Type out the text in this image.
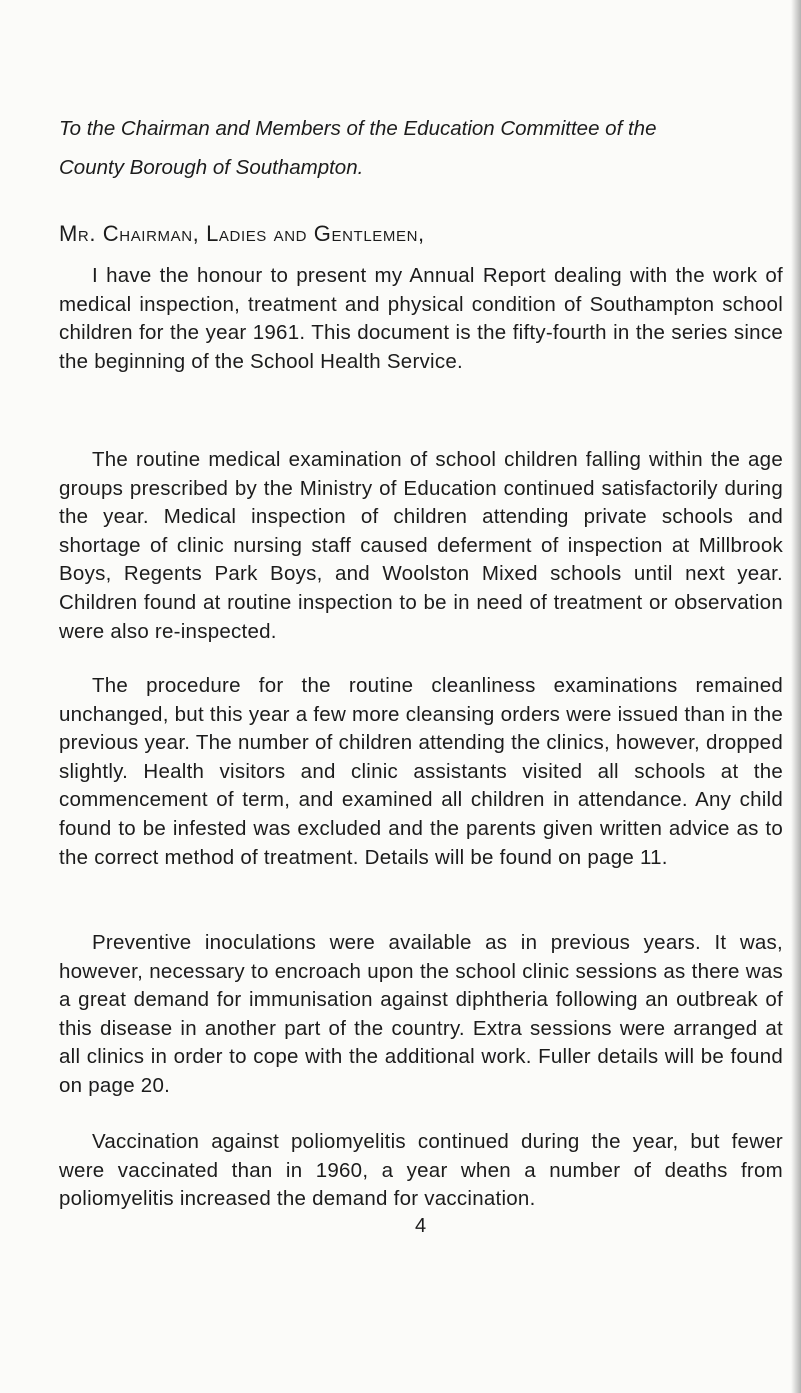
To the Chairman and Members of the Education Committee of the
County Borough of Southampton.
Mr. Chairman, Ladies and Gentlemen,

I have the honour to present my Annual Report dealing with the work of medical inspection, treatment and physical condition of Southampton school children for the year 1961. This document is the fifty-fourth in the series since the beginning of the School Health Service.

The routine medical examination of school children falling within the age groups prescribed by the Ministry of Education continued satisfactorily during the year. Medical inspection of children attending private schools and shortage of clinic nursing staff caused deferment of inspection at Millbrook Boys, Regents Park Boys, and Woolston Mixed schools until next year. Children found at routine inspection to be in need of treatment or observation were also re-inspected.

The procedure for the routine cleanliness examinations remained unchanged, but this year a few more cleansing orders were issued than in the previous year. The number of children attending the clinics, however, dropped slightly. Health visitors and clinic assistants visited all schools at the commencement of term, and examined all children in attendance. Any child found to be infested was excluded and the parents given written advice as to the correct method of treatment. Details will be found on page 11.

Preventive inoculations were available as in previous years. It was, however, necessary to encroach upon the school clinic sessions as there was a great demand for immunisation against diphtheria following an outbreak of this disease in another part of the country. Extra sessions were arranged at all clinics in order to cope with the additional work. Fuller details will be found on page 20.

Vaccination against poliomyelitis continued during the year, but fewer were vaccinated than in 1960, a year when a number of deaths from poliomyelitis increased the demand for vaccination.

4
